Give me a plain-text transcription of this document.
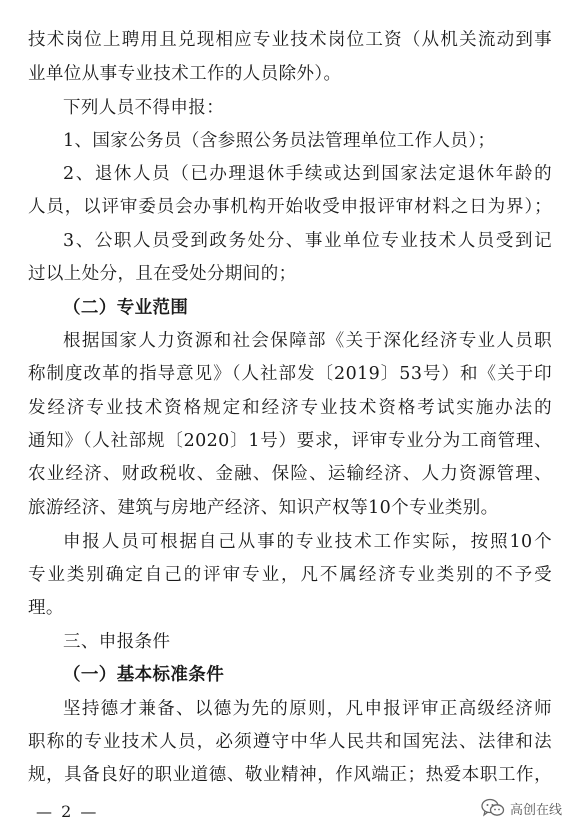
技术岗位上聘用且兑现相应专业技术岗位工资（从机关流动到事
业单位从事专业技术工作的人员除外）。
下列人员不得申报：
1、国家公务员（含参照公务员法管理单位工作人员）；
2、退休人员（已办理退休手续或达到国家法定退休年龄的
人员，以评审委员会办事机构开始收受申报评审材料之日为界）；
3、公职人员受到政务处分、事业单位专业技术人员受到记
过以上处分，且在受处分期间的；
（二）专业范围
根据国家人力资源和社会保障部《关于深化经济专业人员职
称制度改革的指导意见》（人社部发〔2019〕53号）和《关于印
发经济专业技术资格规定和经济专业技术资格考试实施办法的
通知》（人社部规〔2020〕1号）要求，评审专业分为工商管理、
农业经济、财政税收、金融、保险、运输经济、人力资源管理、
旅游经济、建筑与房地产经济、知识产权等10个专业类别。
申报人员可根据自己从事的专业技术工作实际，按照10个
专业类别确定自己的评审专业，凡不属经济专业类别的不予受
理。
三、申报条件
（一）基本标准条件
坚持德才兼备、以德为先的原则，凡申报评审正高级经济师
职称的专业技术人员，必须遵守中华人民共和国宪法、法律和法
规，具备良好的职业道德、敬业精神，作风端正；热爱本职工作，
— 2 —	高创在线
